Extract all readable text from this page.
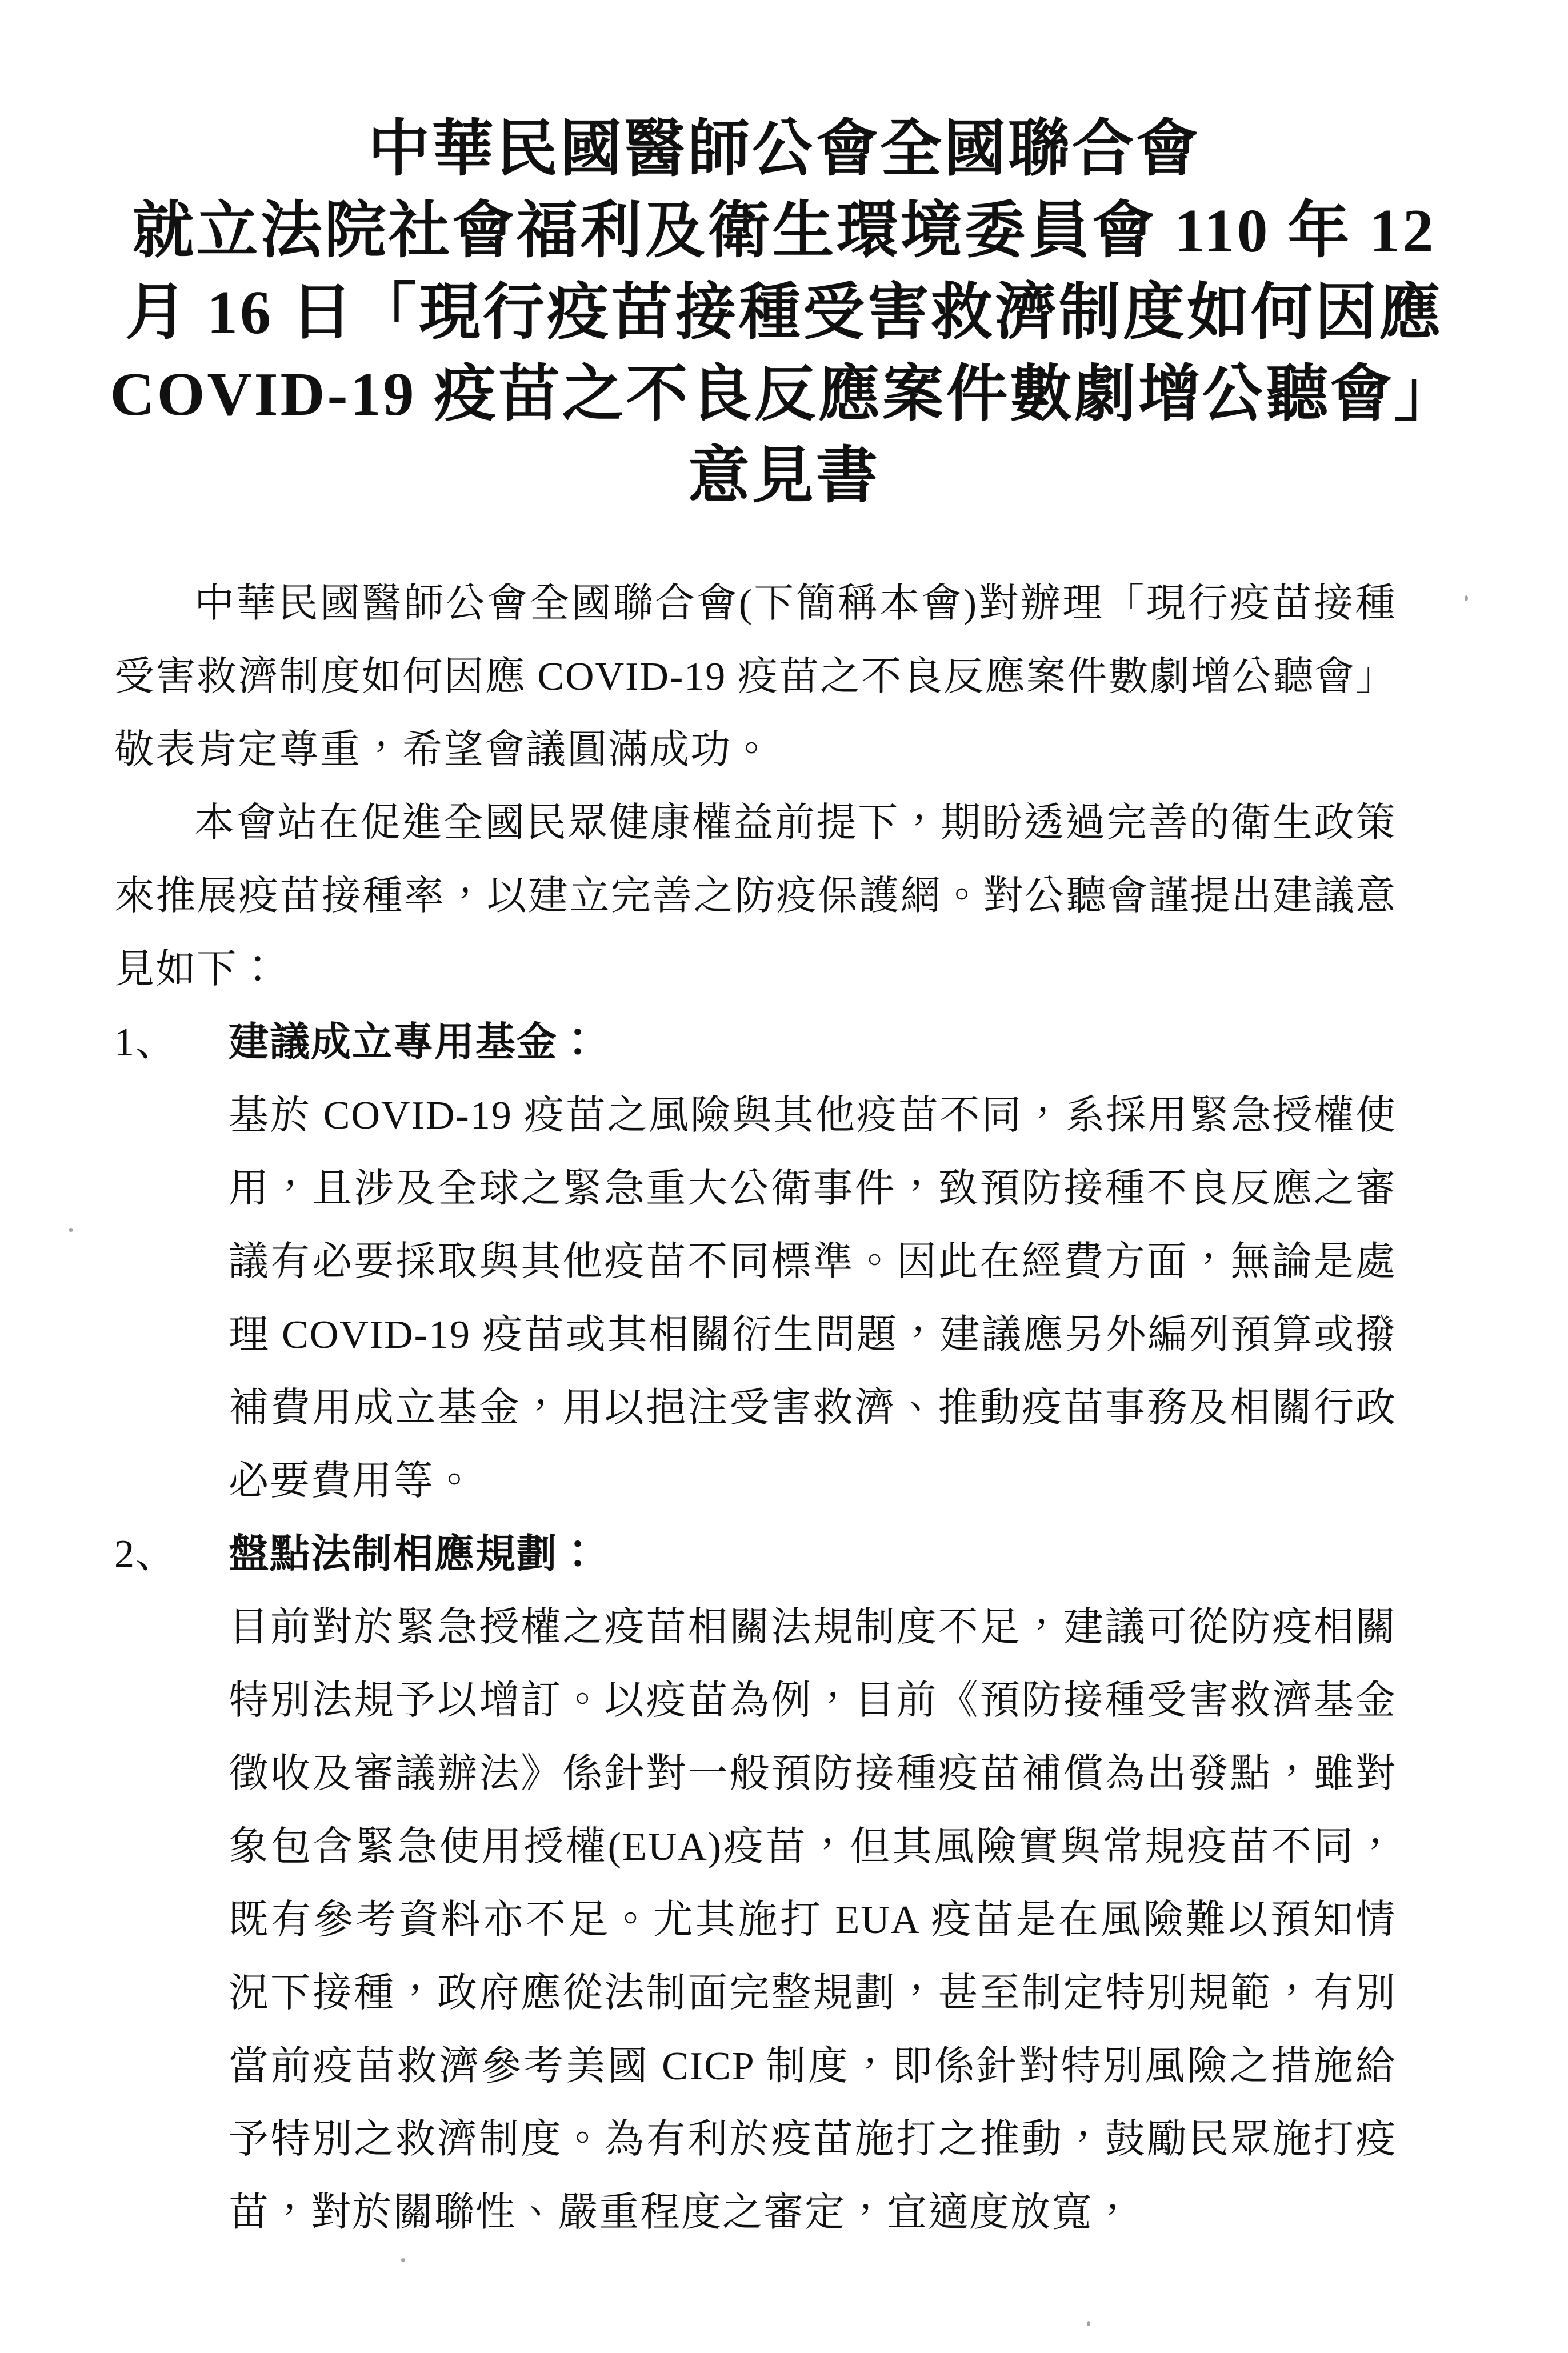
中華民國醫師公會全國聯合會
就立法院社會福利及衛生環境委員會 110 年 12
月 16 日「現行疫苗接種受害救濟制度如何因應
COVID-19 疫苗之不良反應案件數劇增公聽會」
意見書

中華民國醫師公會全國聯合會(下簡稱本會)對辦理「現行疫苗接種受害救濟制度如何因應 COVID-19 疫苗之不良反應案件數劇增公聽會」敬表肯定尊重，希望會議圓滿成功。

本會站在促進全國民眾健康權益前提下，期盼透過完善的衛生政策來推展疫苗接種率，以建立完善之防疫保護網。對公聽會謹提出建議意見如下：

1、	建議成立專用基金：
基於 COVID-19 疫苗之風險與其他疫苗不同，系採用緊急授權使用，且涉及全球之緊急重大公衛事件，致預防接種不良反應之審議有必要採取與其他疫苗不同標準。因此在經費方面，無論是處理 COVID-19 疫苗或其相關衍生問題，建議應另外編列預算或撥補費用成立基金，用以挹注受害救濟、推動疫苗事務及相關行政必要費用等。
2、	盤點法制相應規劃：
目前對於緊急授權之疫苗相關法規制度不足，建議可從防疫相關特別法規予以增訂。以疫苗為例，目前《預防接種受害救濟基金徵收及審議辦法》係針對一般預防接種疫苗補償為出發點，雖對象包含緊急使用授權(EUA)疫苗，但其風險實與常規疫苗不同，既有參考資料亦不足。尤其施打 EUA 疫苗是在風險難以預知情況下接種，政府應從法制面完整規劃，甚至制定特別規範，有別當前疫苗救濟參考美國 CICP 制度，即係針對特別風險之措施給予特別之救濟制度。為有利於疫苗施打之推動，鼓勵民眾施打疫苗，對於關聯性、嚴重程度之審定，宜適度放寬，
